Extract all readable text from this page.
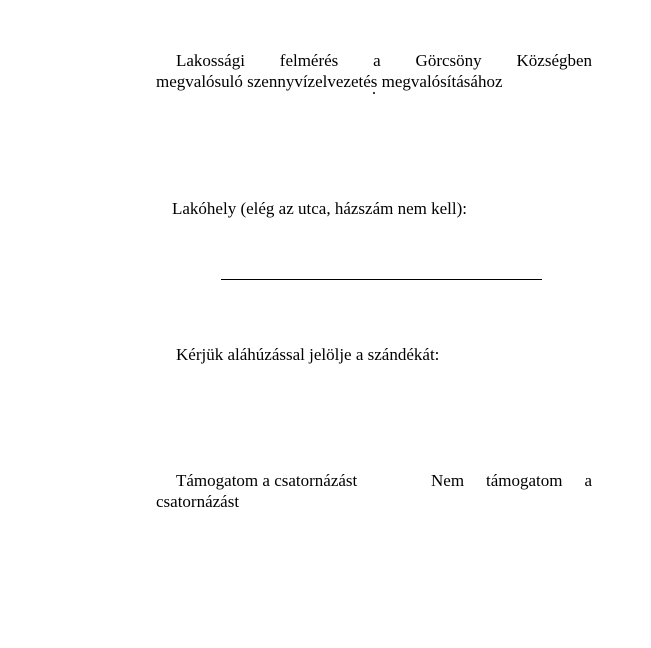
Lakossági felmérés a Görcsöny Községben
megvalósuló szennyvízelvezetés megvalósításához
Lakóhely (elég az utca, házszám nem kell):
Kérjük aláhúzással jelölje a szándékát:
Támogatom a csatornázást	Nem támogatom a
csatornázást
